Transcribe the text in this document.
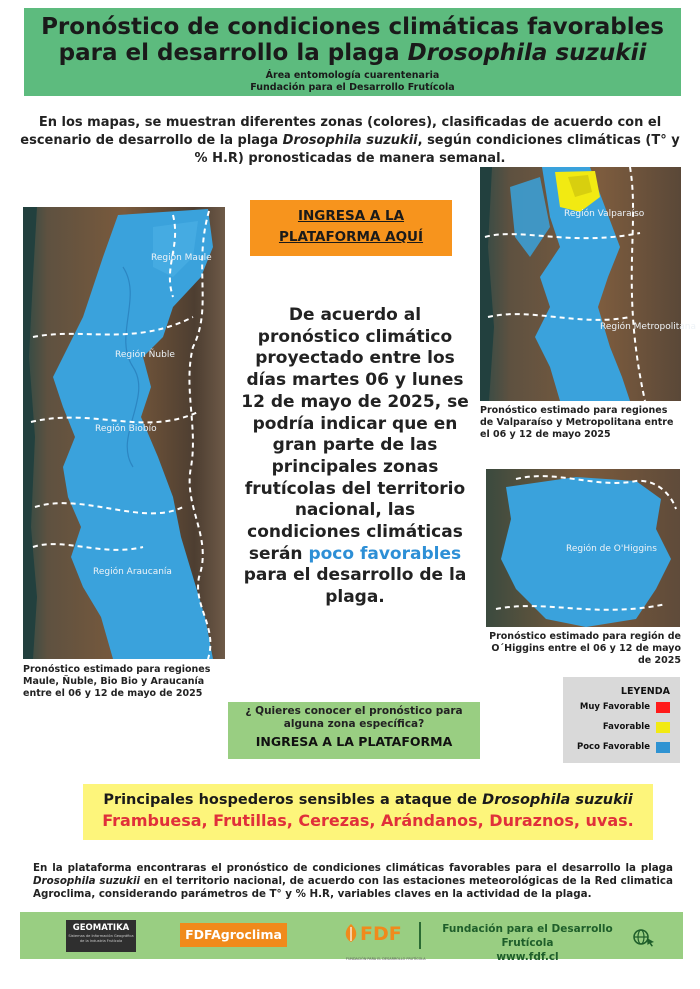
Pronóstico de condiciones climáticas favorables
para el desarrollo la plaga Drosophila suzukii
Área entomología cuarentenaria
Fundación para el Desarrollo Frutícola

En los mapas, se muestran diferentes zonas (colores), clasificadas de acuerdo con el escenario de desarrollo de la plaga Drosophila suzukii, según condiciones climáticas (T° y % H.R) pronosticadas de manera semanal.

Región Maule
Región Ñuble
Región Biobío
Región Araucanía
Pronóstico estimado para regiones Maule, Ñuble, Bio Bio y Araucanía entre el 06 y 12 de mayo de 2025
Región Valparaíso
Región Metropolitana
Pronóstico estimado para regiones de Valparaíso y Metropolitana entre el 06 y 12 de mayo 2025
Región de O'Higgins
Pronóstico estimado para región de O´Higgins entre el 06 y 12 de mayo de 2025
INGRESA A LA
PLATAFORMA AQUÍ

De acuerdo al pronóstico climático proyectado entre los días martes 06 y lunes 12 de mayo de 2025, se podría indicar que en gran parte de las principales zonas frutícolas del territorio nacional, las condiciones climáticas serán poco favorables para el desarrollo de la plaga.

¿ Quieres conocer el pronóstico para alguna zona específica?
INGRESA A LA PLATAFORMA
LEYENDA
Muy Favorable
Favorable
Poco Favorable
Principales hospederos sensibles a ataque de Drosophila suzukii
Frambuesa, Frutillas, Cerezas, Arándanos, Duraznos, uvas.

En la plataforma encontraras el pronóstico de condiciones climáticas favorables para el desarrollo la plaga Drosophila suzukii en el territorio nacional, de acuerdo con las estaciones meteorológicas de la Red climatica Agroclima, considerando parámetros de T° y % H.R, variables claves en la actividad de la plaga.

GEOMATIKA
Sistemas de Información Geográfica de la Industria Frutícola	FDFAgroclima	FDF
FUNDACIÓN PARA EL DESARROLLO FRUTÍCOLA
Fundación para el Desarrollo Frutícola
www.fdf.cl
